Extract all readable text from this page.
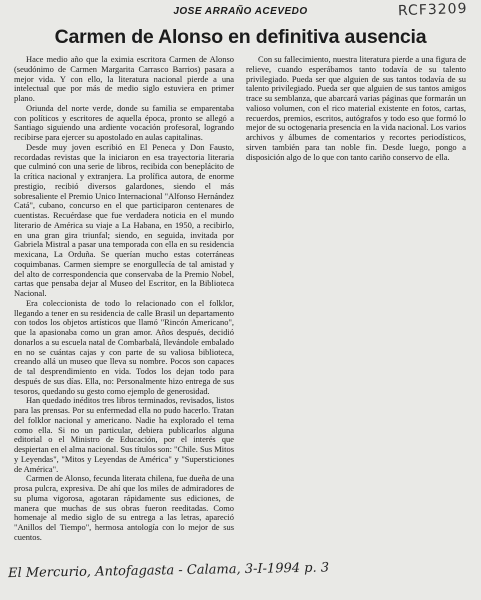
JOSE ARRAÑO ACEVEDO	RCF3209
Carmen de Alonso en definitiva ausencia

Hace medio año que la eximia escritora Carmen de Alonso (seudónimo de Carmen Margarita Carrasco Barrios) pasara a mejor vida. Y con ello, la literatura nacional pierde a una intelectual que por más de medio siglo estuviera en primer plano.

Oriunda del norte verde, donde su familia se emparentaba con políticos y escritores de aquella época, pronto se allegó a Santiago siguiendo una ardiente vocación profesoral, logrando recibirse para ejercer su apostolado en aulas capitalinas.

Desde muy joven escribió en El Peneca y Don Fausto, recordadas revistas que la iniciaron en esa trayectoria literaria que culminó con una serie de libros, recibida con beneplácito de la crítica nacional y extranjera. La prolífica autora, de enorme prestigio, recibió diversos galardones, siendo el más sobresaliente el Premio Unico Internacional "Alfonso Hernández Catá", cubano, concurso en el que participaron centenares de cuentistas. Recuérdase que fue verdadera noticia en el mundo literario de América su viaje a La Habana, en 1950, a recibirlo, en una gran gira triunfal; siendo, en seguida, invitada por Gabriela Mistral a pasar una temporada con ella en su residencia mexicana, La Orduña. Se querían mucho estas coterráneas coquimbanas. Carmen siempre se enorgullecía de tal amistad y del alto de correspondencia que conservaba de la Premio Nobel, cartas que pensaba dejar al Museo del Escritor, en la Biblioteca Nacional.

Era coleccionista de todo lo relacionado con el folklor, llegando a tener en su residencia de calle Brasil un departamento con todos los objetos artísticos que llamó "Rincón Americano", que la apasionaba como un gran amor. Años después, decidió donarlos a su escuela natal de Combarbalá, llevándole embalado en no se cuántas cajas y con parte de su valiosa biblioteca, creando allá un museo que lleva su nombre. Pocos son capaces de tal desprendimiento en vida. Todos los dejan todo para después de sus días. Ella, no: Personalmente hizo entrega de sus tesoros, quedando su gesto como ejemplo de generosidad.

Han quedado inéditos tres libros terminados, revisados, listos para las prensas. Por su enfermedad ella no pudo hacerlo. Tratan del folklor nacional y americano. Nadie ha explorado el tema como ella. Si no un particular, debiera publicarlos alguna editorial o el Ministro de Educación, por el interés que despiertan en el alma nacional. Sus títulos son: "Chile. Sus Mitos y Leyendas", "Mitos y Leyendas de América" y "Supersticiones de América".

Carmen de Alonso, fecunda literata chilena, fue dueña de una prosa pulcra, expresiva. De ahí que los miles de admiradores de su pluma vigorosa, agotaran rápidamente sus ediciones, de manera que muchas de sus obras fueron reeditadas. Como homenaje al medio siglo de su entrega a las letras, apareció "Anillos del Tiempo", hermosa antología con lo mejor de sus cuentos.

Con su fallecimiento, nuestra literatura pierde a una figura de relieve, cuando esperábamos tanto todavía de su talento privilegiado. Pueda ser que alguien de sus tantos todavía de su talento privilegiado. Pueda ser que alguien de sus tantos amigos trace su semblanza, que abarcará varias páginas que formarán un valioso volumen, con el rico material existente en fotos, cartas, recuerdos, premios, escritos, autógrafos y todo eso que formó lo mejor de su octogenaria presencia en la vida nacional. Los varios archivos y álbumes de comentarios y recortes periodísticos, sirven también para tan noble fin. Desde luego, pongo a disposición algo de lo que con tanto cariño conservo de ella.

El Mercurio, Antofagasta - Calama, 3-I-1994 p. 3
